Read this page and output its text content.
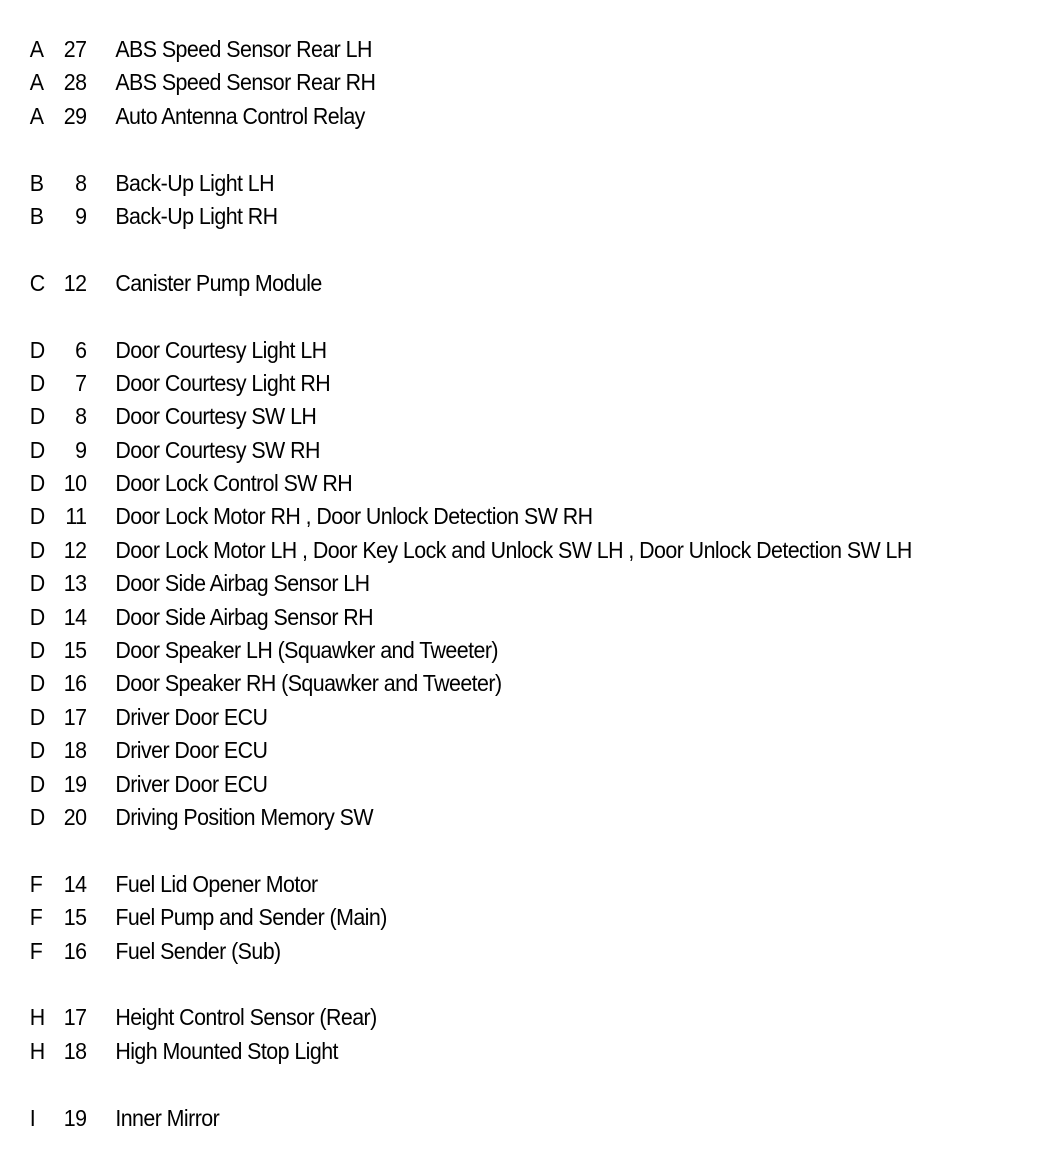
A 27 ABS Speed Sensor Rear LH
A 28 ABS Speed Sensor Rear RH
A 29 Auto Antenna Control Relay
B	8 Back-Up Light LH
B	9 Back-Up Light RH
C 12 Canister Pump Module
D	6 Door Courtesy Light LH
D	7 Door Courtesy Light RH
D	8 Door Courtesy SW LH
D	9 Door Courtesy SW RH
D 10 Door Lock Control SW RH
D 11 Door Lock Motor RH , Door Unlock Detection SW RH
D 12 Door Lock Motor LH , Door Key Lock and Unlock SW LH , Door Unlock Detection SW LH
D 13 Door Side Airbag Sensor LH
D 14 Door Side Airbag Sensor RH
D 15 Door Speaker LH (Squawker and Tweeter)
D 16 Door Speaker RH (Squawker and Tweeter)
D 17 Driver Door ECU
D 18 Driver Door ECU
D 19 Driver Door ECU
D 20 Driving Position Memory SW
F 14 Fuel Lid Opener Motor
F 15 Fuel Pump and Sender (Main)
F 16 Fuel Sender (Sub)
H 17 Height Control Sensor (Rear)
H 18 High Mounted Stop Light
I	19 Inner Mirror
